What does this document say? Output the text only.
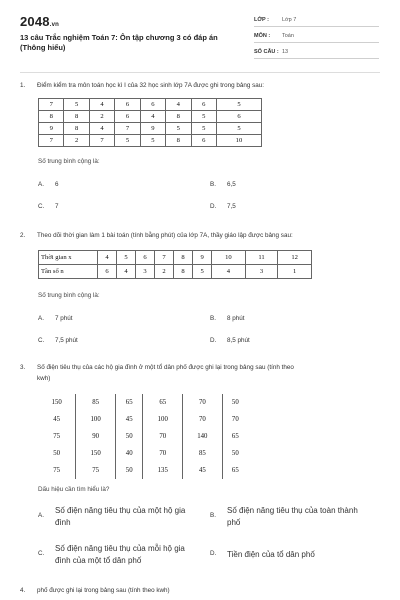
2048.vn
13 câu Trắc nghiệm Toán 7: Ôn tập chương 3 có đáp án (Thông hiểu)
LỚP :	Lớp 7
MÔN :	Toán
SỐ CÂU : 13
1. Điểm kiểm tra môn toán học kì I của 32 học sinh lớp 7A được ghi trong bảng sau:
7	5	4	6	6	4	6	5
8	8	2	6	4	8	5	6
9	8	4	7	9	5	5	5
7	2	7	5	5	8	6	10
Số trung bình cộng là:
A. 6	B. 6,5
C. 7	D. 7,5
2. Theo dõi thời gian làm 1 bài toán (tính bằng phút) của lớp 7A, thầy giáo lập được bảng sau:
Thời gian x	4	5	6	7	8	9	10	11	12
Tần số n	6	4	3	2	8	5	4	3	1
Số trung bình cộng là:
A. 7 phút	B. 8 phút
C. 7,5 phút	D. 8,5 phút
3. Số điện tiêu thụ của các hộ gia đình ở một tổ dân phố được ghi lại trong bảng sau (tính theo
kwh)
150	85	65	65	70	50
45	100	45	100	70	70
75	90	50	70	140	65
50	150	40	70	85	50
75	75	50	135	45	65
Dấu hiệu cần tìm hiểu là?
A.
Số điện năng tiêu thụ của một hộ gia
đình
B.
Số điện năng tiêu thụ của toàn thành
phố
C.
Số điện năng tiêu thụ của mỗi hộ gia
đình của một tổ dân phố
D. Tiền điện của tổ dân phố
4. phố được ghi lại trong bảng sau (tính theo kwh)
